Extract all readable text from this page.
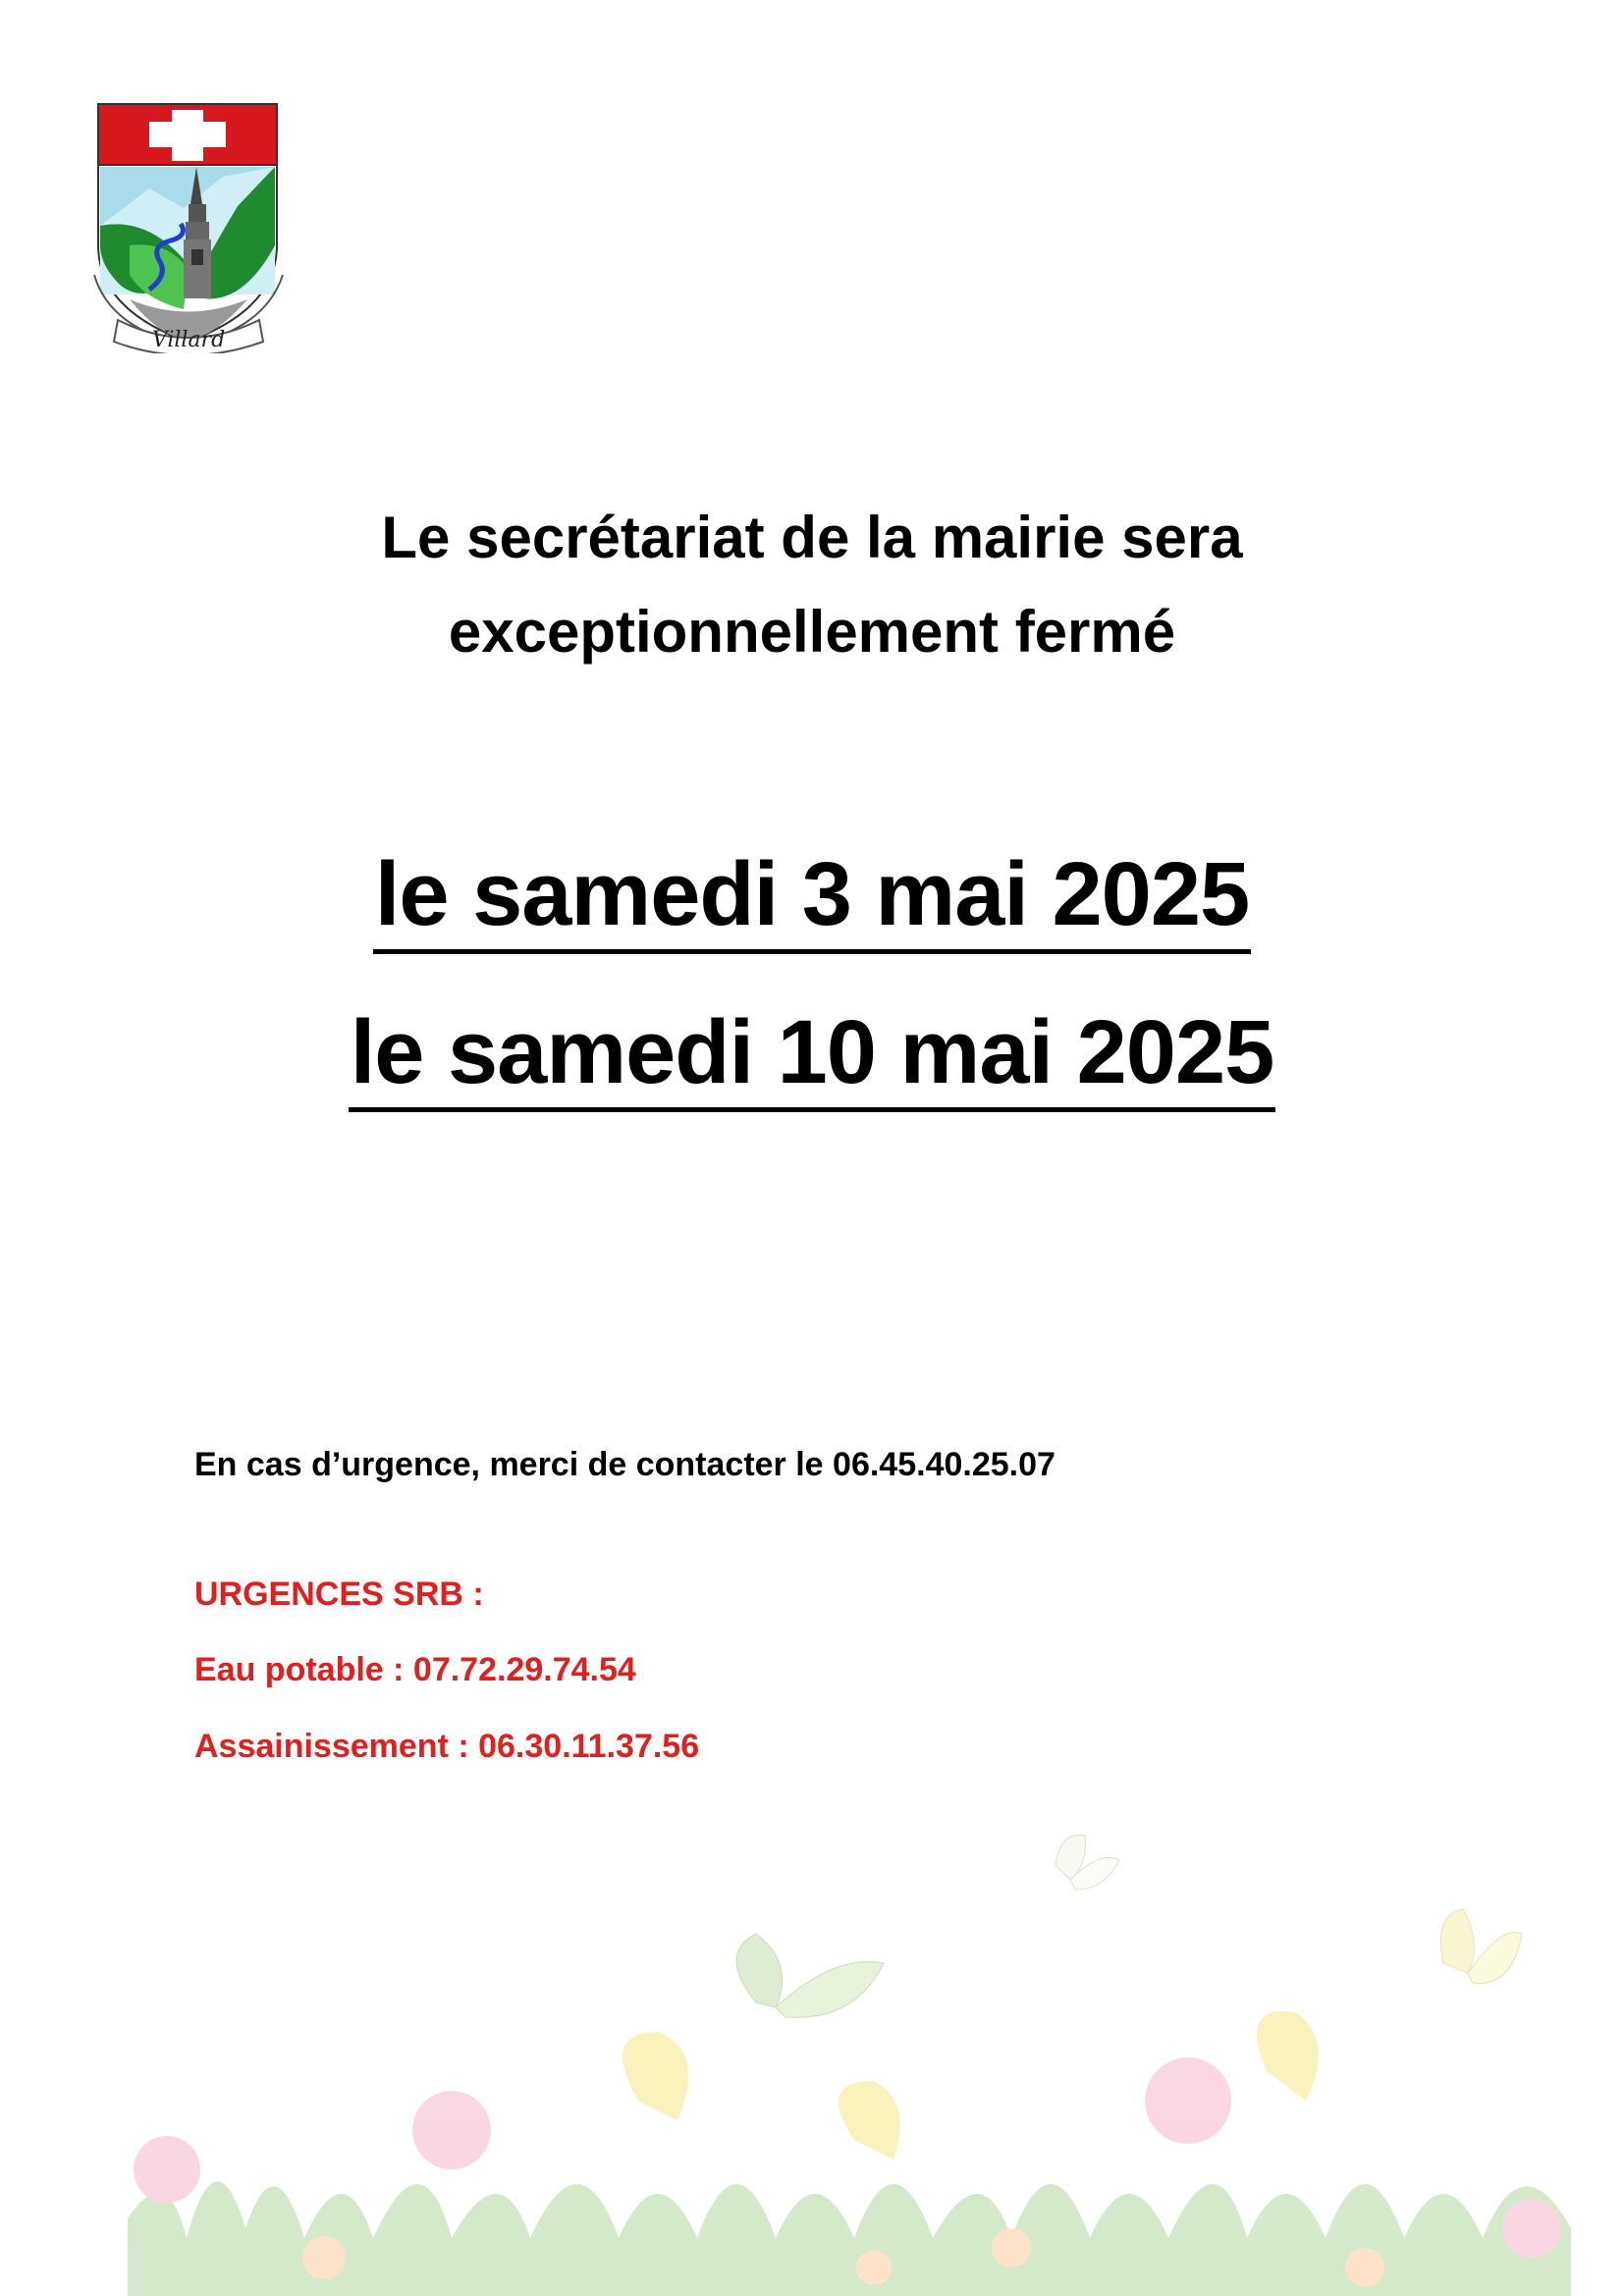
Villard
Le secrétariat de la mairie sera
exceptionnellement fermé
le samedi 3 mai 2025
le samedi 10 mai 2025
En cas d’urgence, merci de contacter le 06.45.40.25.07
URGENCES SRB :
Eau potable : 07.72.29.74.54
Assainissement : 06.30.11.37.56
